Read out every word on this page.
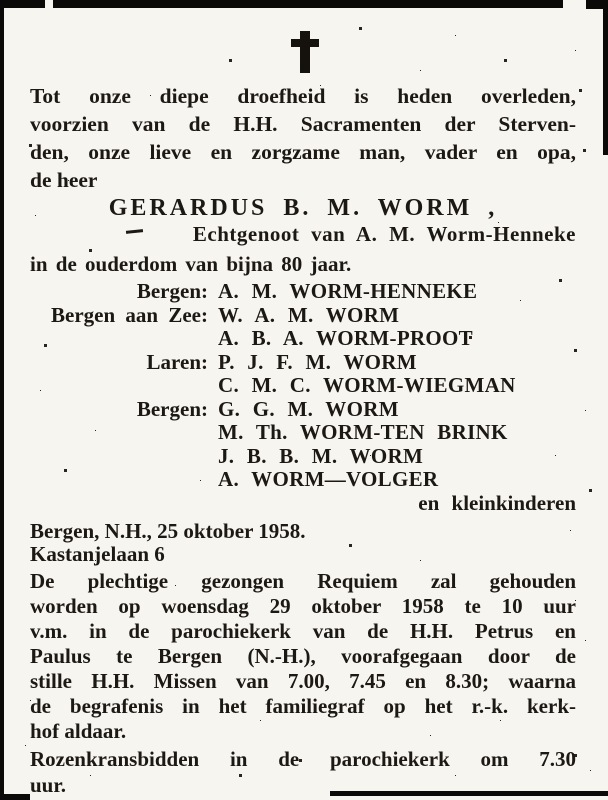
Tot onze diepe droefheid is heden overleden,
voorzien van de H.H. Sacramenten der Sterven-
den, onze lieve en zorgzame man, vader en opa,
de heer
GERARDUS B. M. WORM ,
Echtgenoot van A. M. Worm-Henneke
in de ouderdom van bijna 80 jaar.
Bergen: A. M. WORM-HENNEKE
Bergen aan Zee: W. A. M. WORM
A. B. A. WORM-PROOT
Laren: P. J. F. M. WORM
C. M. C. WORM-WIEGMAN
Bergen: G. G. M. WORM
M. Th. WORM-TEN BRINK
J. B. B. M. WORM
A. WORM—VOLGER
en kleinkinderen
Bergen, N.H., 25 oktober 1958.
Kastanjelaan 6
De plechtige gezongen Requiem zal gehouden
worden op woensdag 29 oktober 1958 te 10 uur
v.m. in de parochiekerk van de H.H. Petrus en
Paulus te Bergen (N.-H.), voorafgegaan door de
stille H.H. Missen van 7.00, 7.45 en 8.30; waarna
de begrafenis in het familiegraf op het r.-k. kerk-
hof aldaar.
Rozenkransbidden in de parochiekerk om 7.30
uur.
